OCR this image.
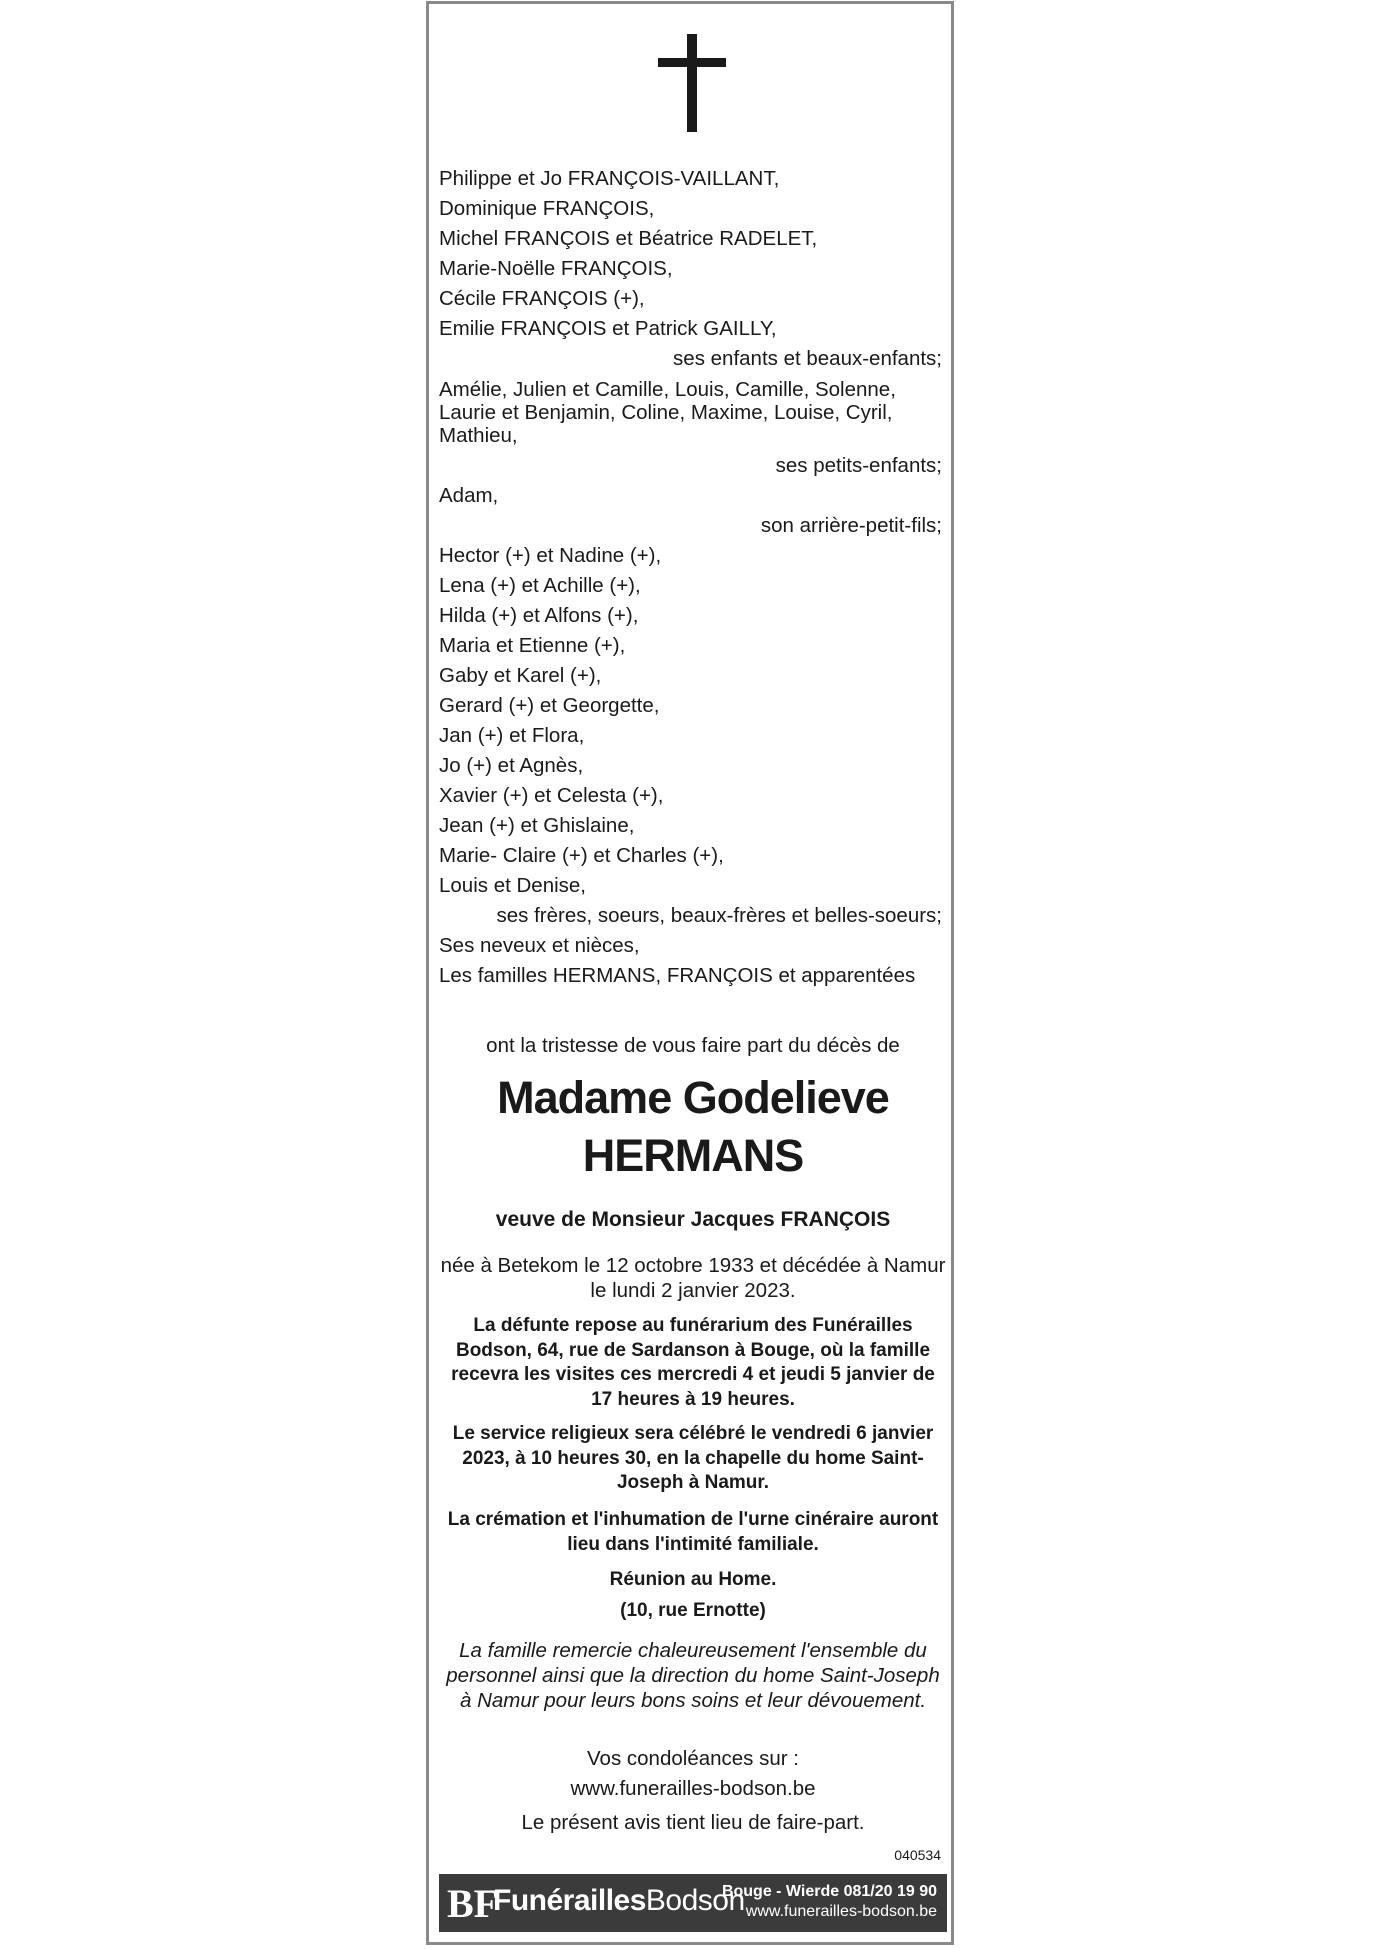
Philippe et Jo FRANÇOIS-VAILLANT,
Dominique FRANÇOIS,
Michel FRANÇOIS et Béatrice RADELET,
Marie-Noëlle FRANÇOIS,
Cécile FRANÇOIS (+),
Emilie FRANÇOIS et Patrick GAILLY,
ses enfants et beaux-enfants;
Amélie, Julien et Camille, Louis, Camille, Solenne,
Laurie et Benjamin, Coline, Maxime, Louise, Cyril,
Mathieu,
ses petits-enfants;
Adam,
son arrière-petit-fils;
Hector (+) et Nadine (+),
Lena (+) et Achille (+),
Hilda (+) et Alfons (+),
Maria et Etienne (+),
Gaby et Karel (+),
Gerard (+) et Georgette,
Jan (+) et Flora,
Jo (+) et Agnès,
Xavier (+) et Celesta (+),
Jean (+) et Ghislaine,
Marie- Claire (+) et Charles (+),
Louis et Denise,
ses frères, soeurs, beaux-frères et belles-soeurs;
Ses neveux et nièces,
Les familles HERMANS, FRANÇOIS et apparentées
ont la tristesse de vous faire part du décès de
Madame Godelieve
HERMANS
veuve de Monsieur Jacques FRANÇOIS
née à Betekom le 12 octobre 1933 et décédée à Namur le lundi 2 janvier 2023.
La défunte repose au funérarium des Funérailles Bodson, 64, rue de Sardanson à Bouge, où la famille recevra les visites ces mercredi 4 et jeudi 5 janvier de 17 heures à 19 heures.
Le service religieux sera célébré le vendredi 6 janvier 2023, à 10 heures 30, en la chapelle du home Saint-Joseph à Namur.
La crémation et l'inhumation de l'urne cinéraire auront lieu dans l'intimité familiale.
Réunion au Home.
(10, rue Ernotte)
La famille remercie chaleureusement l'ensemble du personnel ainsi que la direction du home Saint-Joseph à Namur pour leurs bons soins et leur dévouement.
Vos condoléances sur :
www.funerailles-bodson.be
Le présent avis tient lieu de faire-part.
040534
BF
FunéraillesBodson
Bouge - Wierde 081/20 19 90
www.funerailles-bodson.be
